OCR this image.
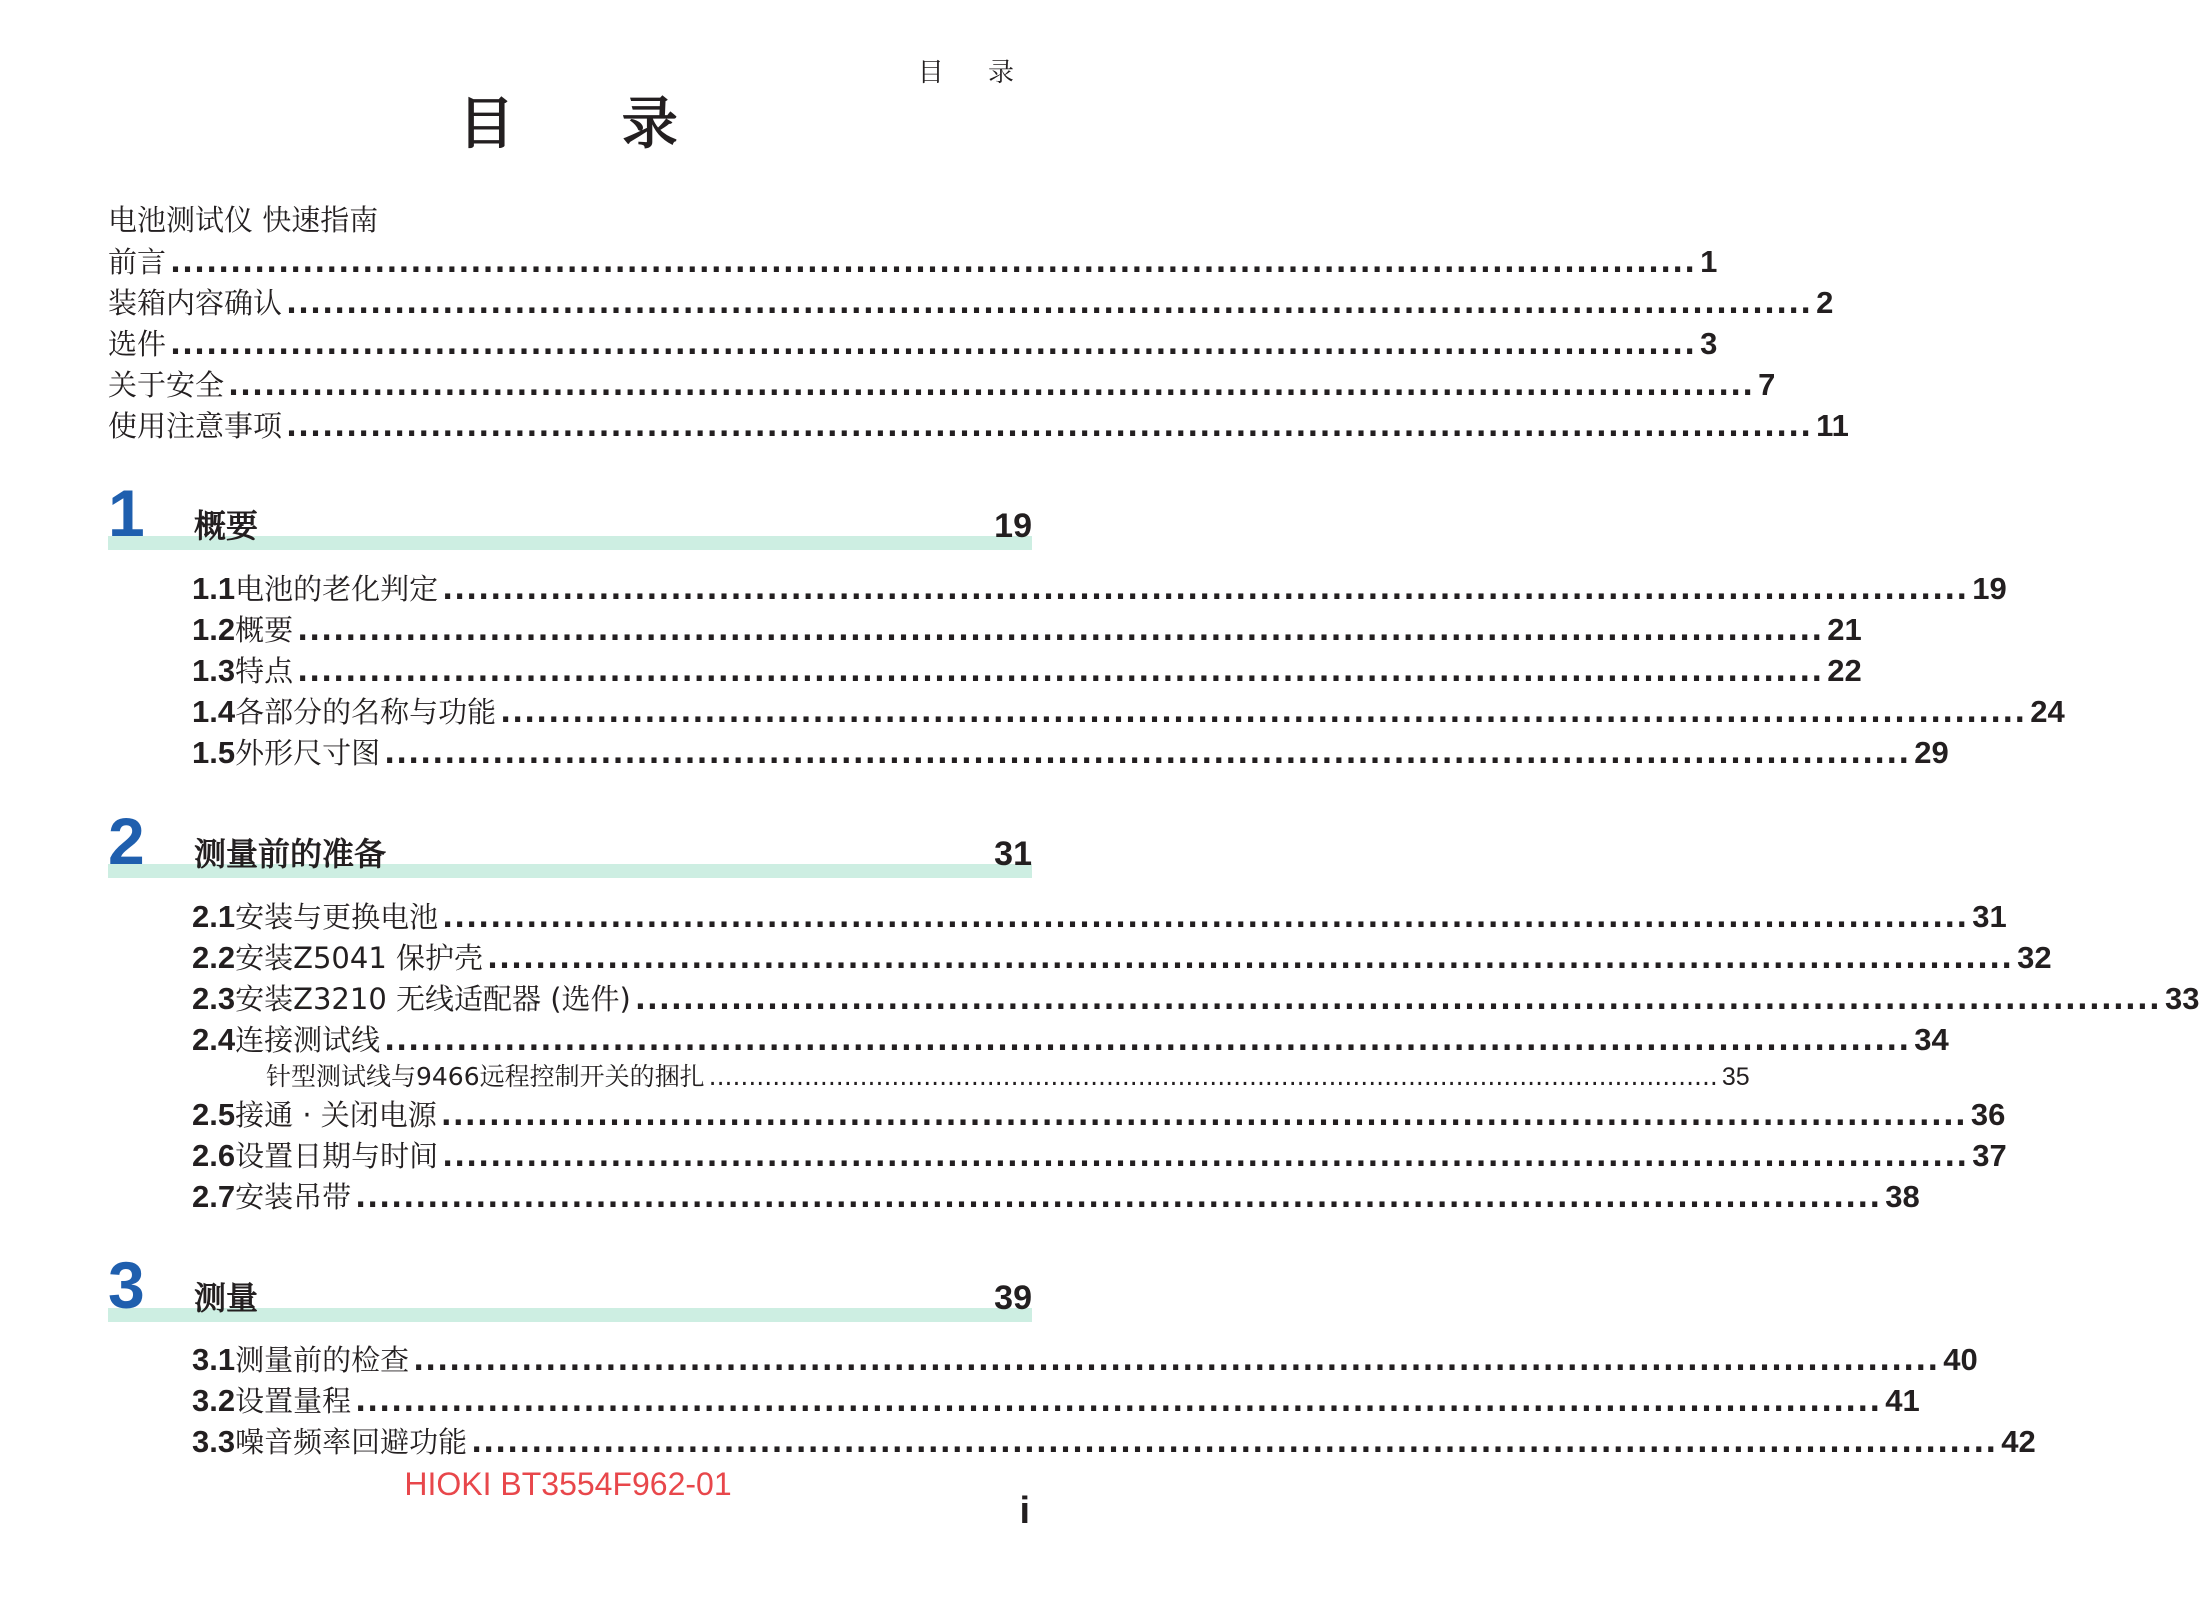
目 录
目 录
电池测试仪 快速指南
前言 ............................................................................................................................... 1
装箱内容确认 ............................................................................................................................... 2
选件 ............................................................................................................................... 3
关于安全 ............................................................................................................................... 7
使用注意事项 ............................................................................................................................... 11
1 概要	19
1.1 电池的老化判定 ............................................................................................................................... 19
1.2 概要 ............................................................................................................................... 21
1.3 特点 ............................................................................................................................... 22
1.4 各部分的名称与功能 ............................................................................................................................... 24
1.5 外形尺寸图 ............................................................................................................................... 29
2 测量前的准备	31
2.1 安装与更换电池 ............................................................................................................................... 31
2.2 安装Z5041 保护壳 ............................................................................................................................... 32
2.3 安装Z3210 无线适配器 (选件) ............................................................................................................................... 33
2.4 连接测试线 ............................................................................................................................... 34
针型测试线与9466远程控制开关的捆扎 ............................................................................................................................... 35
2.5 接通 · 关闭电源 ............................................................................................................................... 36
2.6 设置日期与时间 ............................................................................................................................... 37
2.7 安装吊带 ............................................................................................................................... 38
3 测量	39
3.1 测量前的检查 ............................................................................................................................... 40
3.2 设置量程 ............................................................................................................................... 41
3.3 噪音频率回避功能 ............................................................................................................................... 42
HIOKI BT3554F962-01
i
